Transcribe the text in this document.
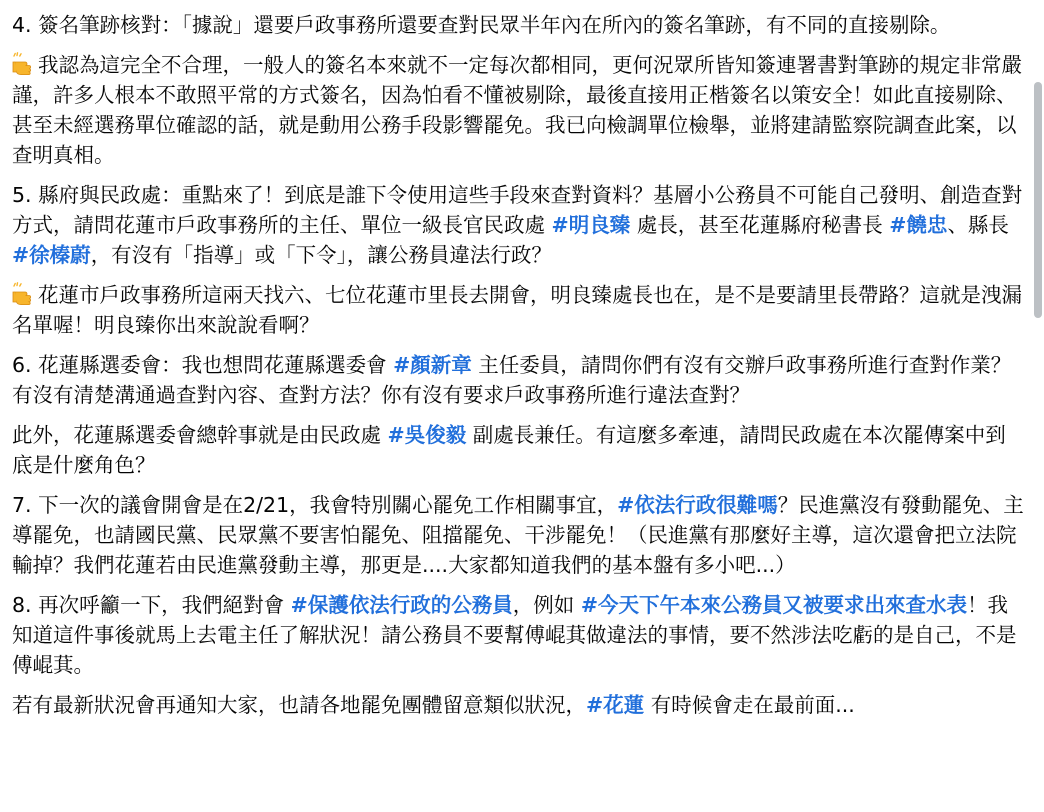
4. 簽名筆跡核對：「據說」還要戶政事務所還要查對民眾半年內在所內的簽名筆跡，有不同的直接剔除。

我認為這完全不合理，一般人的簽名本來就不一定每次都相同，更何況眾所皆知簽連署書對筆跡的規定非常嚴謹，許多人根本不敢照平常的方式簽名，因為怕看不懂被剔除，最後直接用正楷簽名以策安全！如此直接剔除、甚至未經選務單位確認的話，就是動用公務手段影響罷免。我已向檢調單位檢舉，並將建請監察院調查此案，以查明真相。

5. 縣府與民政處：重點來了！到底是誰下令使用這些手段來查對資料？基層小公務員不可能自己發明、創造查對方式，請問花蓮市戶政事務所的主任、單位一級長官民政處 #明良臻 處長，甚至花蓮縣府秘書長 #饒忠、縣長 #徐榛蔚，有沒有「指導」或「下令」，讓公務員違法行政？

花蓮市戶政事務所這兩天找六、七位花蓮市里長去開會，明良臻處長也在，是不是要請里長帶路？這就是洩漏名單喔！明良臻你出來說說看啊？

6. 花蓮縣選委會：我也想問花蓮縣選委會 #顏新章 主任委員，請問你們有沒有交辦戶政事務所進行查對作業？有沒有清楚溝通過查對內容、查對方法？你有沒有要求戶政事務所進行違法查對？

此外，花蓮縣選委會總幹事就是由民政處 #吳俊毅 副處長兼任。有這麼多牽連，請問民政處在本次罷傳案中到底是什麼角色？

7. 下一次的議會開會是在2/21，我會特別關心罷免工作相關事宜，#依法行政很難嗎？民進黨沒有發動罷免、主導罷免，也請國民黨、民眾黨不要害怕罷免、阻擋罷免、干涉罷免！（民進黨有那麼好主導，這次還會把立法院輸掉？我們花蓮若由民進黨發動主導，那更是....大家都知道我們的基本盤有多小吧...）

8. 再次呼籲一下，我們絕對會 #保護依法行政的公務員，例如 #今天下午本來公務員又被要求出來查水表！我知道這件事後就馬上去電主任了解狀況！請公務員不要幫傅崐萁做違法的事情，要不然涉法吃虧的是自己，不是傅崐萁。

若有最新狀況會再通知大家，也請各地罷免團體留意類似狀況，#花蓮 有時候會走在最前面...
